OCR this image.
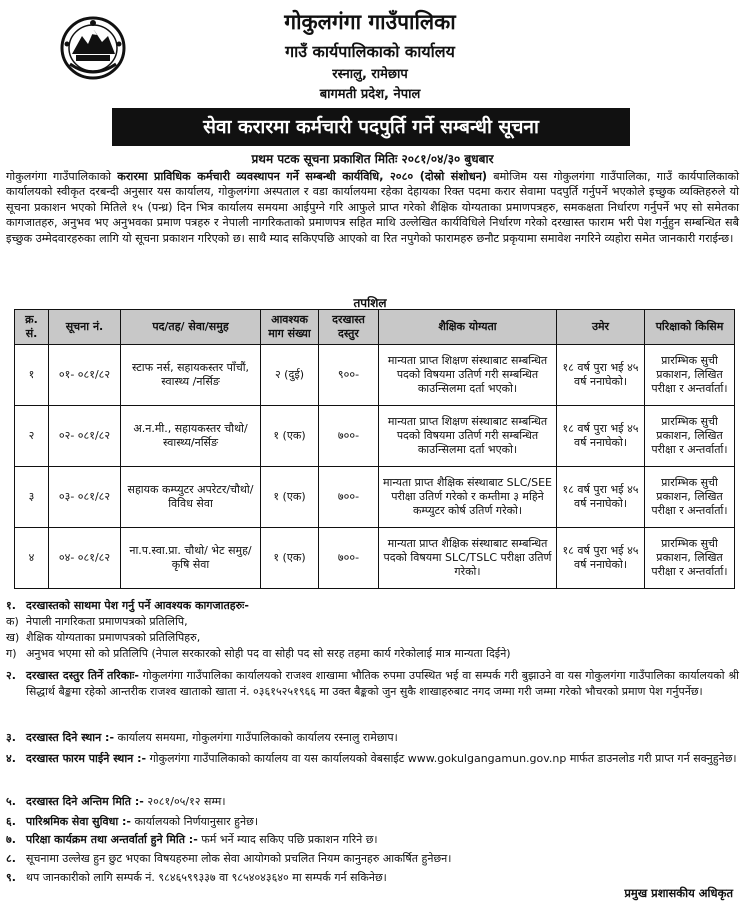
गोकुलगंगा गाउँपालिका
गाउँ कार्यपालिकाको कार्यालय
रस्नालु, रामेछाप
बागमती प्रदेश, नेपाल
सेवा करारमा कर्मचारी पदपुर्ति गर्ने सम्बन्धी सूचना
प्रथम पटक सूचना प्रकाशित मितिः २०८१/०४/३० बुधबार
गोकुलगंगा गाउँपालिकाको करारमा प्राविधिक कर्मचारी व्यवस्थापन गर्ने सम्बन्धी कार्यविधि, २०८० (दोस्रो संशोधन) बमोजिम यस गोकुलगंगा गाउँपालिका, गाउँ कार्यपालिकाको कार्यालयको स्वीकृत दरबन्दी अनुसार यस कार्यालय, गोकुलगंगा अस्पताल र वडा कार्यालयमा रहेका देहायका रिक्त पदमा करार सेवामा पदपुर्ति गर्नुपर्ने भएकोले इच्छुक व्यक्तिहरुले यो सूचना प्रकाशन भएको मितिले १५ (पन्ध्र) दिन भित्र कार्यालय समयमा आईपुग्ने गरि आफुले प्राप्त गरेको शैक्षिक योग्यताका प्रमाणपत्रहरु, समकक्षता निर्धारण गर्नुपर्ने भए सो समेतका कागजातहरु, अनुभव भए अनुभवका प्रमाण पत्रहरु र नेपाली नागरिकताको प्रमाणपत्र सहित माथि उल्लेखित कार्यविधिले निर्धारण गरेको दरखास्त फाराम भरी पेश गर्नुहुन सम्बन्धित सबै इच्छुक उम्मेदवारहरुका लागि यो सूचना प्रकाशन गरिएको छ। साथै म्याद सकिएपछि आएको वा रित नपुगेको फारामहरु छनौट प्रकृयामा समावेश नगरिने व्यहोरा समेत जानकारी गराईन्छ।
तपशिल
क्र. सं.	सूचना नं.	पद/तह/ सेवा/समुह	आवश्यक माग संख्या	दरखास्त दस्तुर	शैक्षिक योग्यता	उमेर	परिक्षाको किसिम
१	०१- ०८१/८२	स्टाफ नर्स, सहायकस्तर पाँचौं, स्वास्थ्य /नर्सिङ	२ (दुई)	९००-	मान्यता प्राप्त शिक्षण संस्थाबाट सम्बन्धित पदको विषयमा उतिर्ण गरी सम्बन्धित काउन्सिलमा दर्ता भएको।	१८ वर्ष पुरा भई ४५ वर्ष ननाघेको।	प्रारम्भिक सुची प्रकाशन, लिखित परीक्षा र अन्तर्वार्ता।
२	०२- ०८१/८२	अ.न.मी., सहायकस्तर चौथो/ स्वास्थ्य/नर्सिङ	१ (एक)	७००-	मान्यता प्राप्त शिक्षण संस्थाबाट सम्बन्धित पदको विषयमा उतिर्ण गरी सम्बन्धित काउन्सिलमा दर्ता भएको।	१८ वर्ष पुरा भई ४५ वर्ष ननाघेको।	प्रारम्भिक सुची प्रकाशन, लिखित परीक्षा र अन्तर्वार्ता।
३	०३- ०८१/८२	सहायक कम्प्युटर अपरेटर/चौथो/विविध सेवा	१ (एक)	७००-	मान्यता प्राप्त शैक्षिक संस्थाबाट SLC/SEE परीक्षा उतिर्ण गरेको र कम्तीमा ३ महिने कम्प्युटर कोर्ष उतिर्ण गरेको।	१८ वर्ष पुरा भई ४५ वर्ष ननाघेको।	प्रारम्भिक सुची प्रकाशन, लिखित परीक्षा र अन्तर्वार्ता।
४	०४- ०८१/८२	ना.प.स्वा.प्रा. चौथो/ भेट समुह/कृषि सेवा	१ (एक)	७००-	मान्यता प्राप्त शैक्षिक संस्थाबाट सम्बन्धित पदको विषयमा SLC/TSLC परीक्षा उतिर्ण गरेको।	१८ वर्ष पुरा भई ४५ वर्ष ननाघेको।	प्रारम्भिक सुची प्रकाशन, लिखित परीक्षा र अन्तर्वार्ता।
१. दरखास्तको साथमा पेश गर्नु पर्ने आवश्यक कागजातहरुः-
क) नेपाली नागरिकता प्रमाणपत्रको प्रतिलिपि,
ख) शैक्षिक योग्यताका प्रमाणपत्रको प्रतिलिपिहरु,
ग) अनुभव भएमा सो को प्रतिलिपि (नेपाल सरकारको सोही पद वा सोही पद सो सरह तहमा कार्य गरेकोलाई मात्र मान्यता दिईने)
२. दरखास्त दस्तुर तिर्ने तरिकाः- गोकुलगंगा गाउँपालिका कार्यालयको राजश्व शाखामा भौतिक रुपमा उपस्थित भई वा सम्पर्क गरी बुझाउने वा यस गोकुलगंगा गाउँपालिका कार्यालयको श्री सिद्धार्थ बैङ्कमा रहेको आन्तरीक राजश्व खाताको खाता नं. ०३६१५२५१९६६ मा उक्त बैङ्कको जुन सुकै शाखाहरुबाट नगद जम्मा गरी जम्मा गरेको भौचरको प्रमाण पेश गर्नुपर्नेछ।
३. दरखास्त दिने स्थान :- कार्यालय समयमा, गोकुलगंगा गाउँपालिकाको कार्यालय रस्नालु रामेछाप।
४. दरखास्त फारम पाईने स्थान :- गोकुलगंगा गाउँपालिकाको कार्यालय वा यस कार्यालयको वेबसाईट www.gokulgangamun.gov.np मार्फत डाउनलोड गरी प्राप्त गर्न सक्नुहुनेछ।
५. दरखास्त दिने अन्तिम मिति :- २०८१/०५/१२ सम्म।
६. पारिश्रमिक सेवा सुविधा :- कार्यालयको निर्णयानुसार हुनेछ।
७. परिक्षा कार्यक्रम तथा अन्तर्वार्ता हुने मिति :- फर्म भर्ने म्याद सकिए पछि प्रकाशन गरिने छ।
८. सूचनामा उल्लेख हुन छुट भएका विषयहरुमा लोक सेवा आयोगको प्रचलित नियम कानुनहरु आकर्षित हुनेछन।
९. थप जानकारीको लागि सम्पर्क नं. ९८४६५९९३३७ वा ९८५४०४३६४० मा सम्पर्क गर्न सकिनेछ।
प्रमुख प्रशासकीय अधिकृत
